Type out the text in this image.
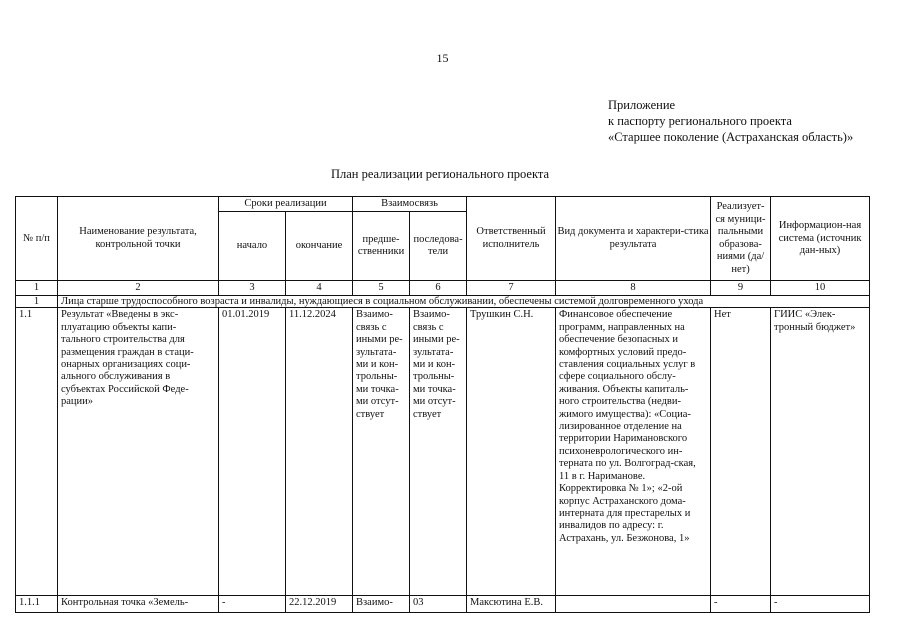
15
Приложение
к паспорту регионального проекта
«Старшее поколение (Астраханская область)»
План реализации регионального проекта
№ п/п	Наименование результата, контрольной точки	Сроки реализации		Взаимосвязь		Ответственный исполнитель	Вид документа и характери-стика результата	Реализует-ся муници-пальными образова-ниями (да/нет)	Информацион-ная система (источник дан-ных)
		начало	окончание	предше-ственники	последова-тели				
1	2	3	4	5	6	7	8	9	10
1	Лица старше трудоспособного возраста и инвалиды, нуждающиеся в социальном обслуживании, обеспечены системой долговременного ухода								
1.1	Результат «Введены в экс-плуатацию объекты капи-тального строительства для размещения граждан в стаци-онарных организациях соци-ального обслуживания в субъектах Российской Феде-рации»	01.01.2019	11.12.2024	Взаимо-связь с иными ре-зультата-ми и кон-трольны-ми точка-ми отсут-ствует	Взаимо-связь с иными ре-зультата-ми и кон-трольны-ми точка-ми отсут-ствует	Трушкин С.Н.	Финансовое обеспечение программ, направленных на обеспечение безопасных и комфортных условий предо-ставления социальных услуг в сфере социального обслу-живания. Объекты капиталь-ного строительства (недви-жимого имущества): «Социа-лизированное отделение на территории Наримановского психоневрологического ин-терната по ул. Волгоград-ская, 11 в г. Нариманове. Корректировка № 1»; «2-ой корпус Астраханского дома-интерната для престарелых и инвалидов по адресу: г. Астрахань, ул. Безжонова, 1»	Нет	ГИИС «Элек-тронный бюджет»
1.1.1	Контрольная точка «Земель-	-	22.12.2019	Взаимо-	03	Максютина Е.В.		-	-
